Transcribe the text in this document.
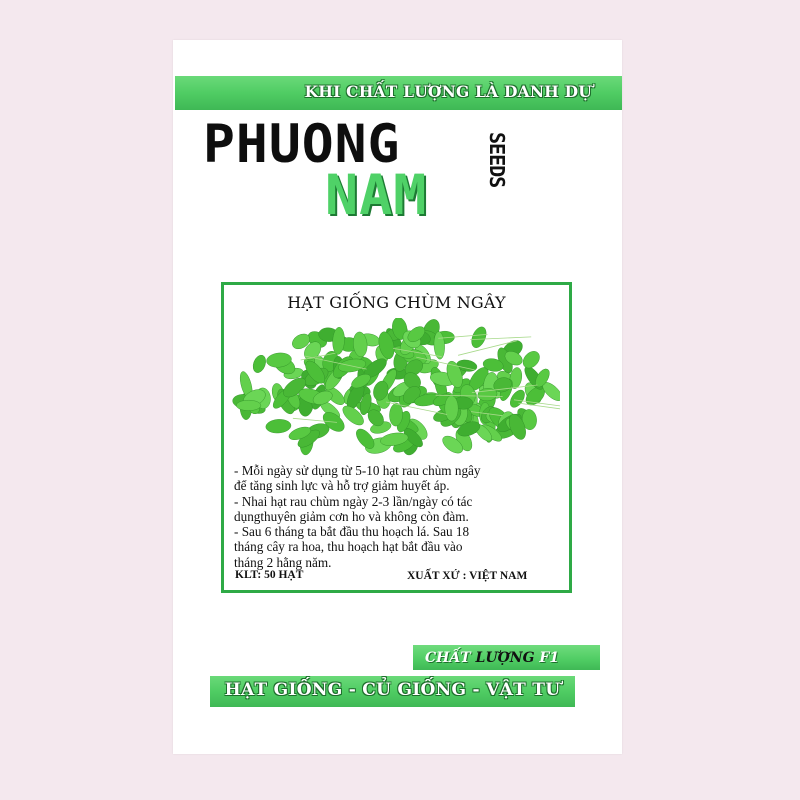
KHI CHẤT LƯỢNG LÀ DANH DỰ
PHUONG
NAM
SEEDS
HẠT GIỐNG CHÙM NGÂY

- Mỗi ngày sử dụng từ 5-10 hạt rau chùm ngây

để tăng sinh lực và hỗ trợ giảm huyết áp.

- Nhai hạt rau chùm ngày 2-3 lần/ngày có tác

dụngthuyên giảm cơn ho và không còn đàm.

- Sau 6 tháng ta bắt đầu thu hoạch lá. Sau 18

tháng cây ra hoa, thu hoạch hạt bắt đầu vào

tháng 2 hằng năm.

KLT: 50 HẠT	XUẤT XỨ : VIỆT NAM
CHẤT LƯỢNG F1
HẠT GIỐNG - CỦ GIỐNG - VẬT TƯ
